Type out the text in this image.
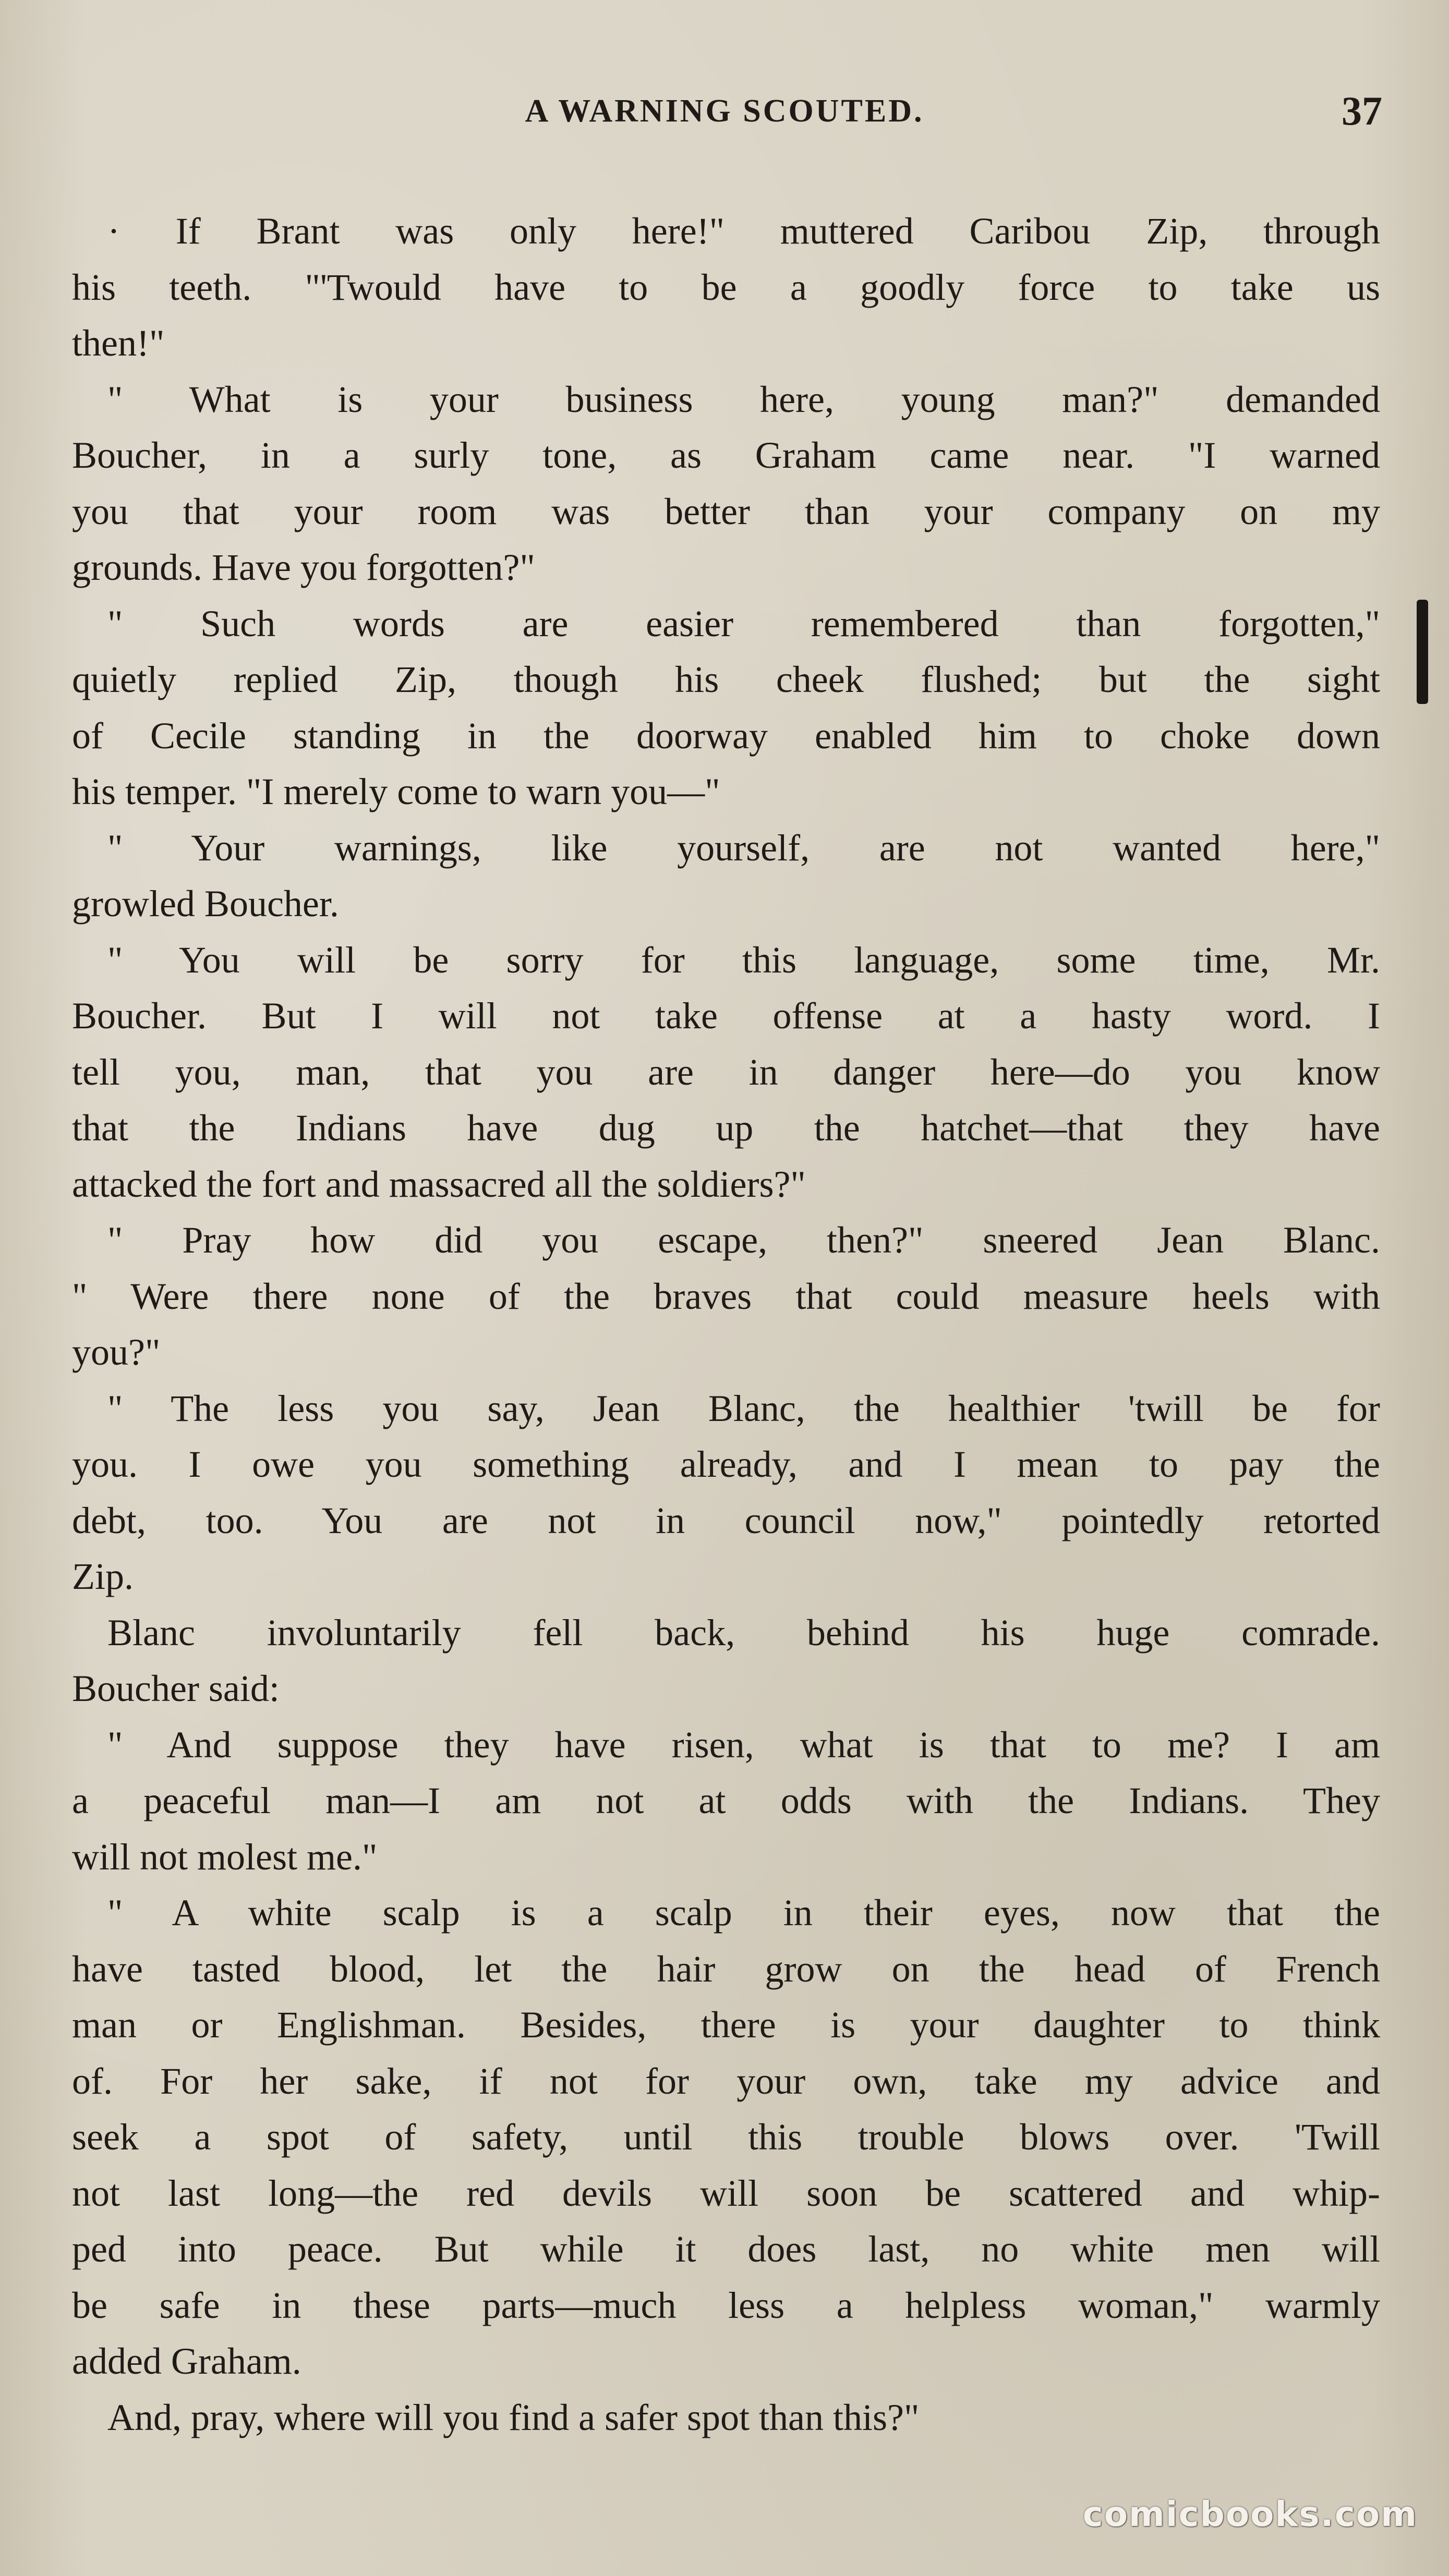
A WARNING SCOUTED.	37
· If Brant was only here!" muttered Caribou Zip, through
his teeth. "'Twould have to be a goodly force to take us
then!"
" What is your business here, young man?" demanded
Boucher, in a surly tone, as Graham came near. "I warned
you that your room was better than your company on my
grounds. Have you forgotten?"
" Such words are easier remembered than forgotten,"
quietly replied Zip, though his cheek flushed; but the sight
of Cecile standing in the doorway enabled him to choke down
his temper. "I merely come to warn you—"
" Your warnings, like yourself, are not wanted here,"
growled Boucher.
" You will be sorry for this language, some time, Mr.
Boucher. But I will not take offense at a hasty word. I
tell you, man, that you are in danger here—do you know
that the Indians have dug up the hatchet—that they have
attacked the fort and massacred all the soldiers?"
" Pray how did you escape, then?" sneered Jean Blanc.
" Were there none of the braves that could measure heels with
you?"
" The less you say, Jean Blanc, the healthier 'twill be for
you. I owe you something already, and I mean to pay the
debt, too. You are not in council now," pointedly retorted
Zip.
Blanc involuntarily fell back, behind his huge comrade.
Boucher said:
" And suppose they have risen, what is that to me? I am
a peaceful man—I am not at odds with the Indians. They
will not molest me."
" A white scalp is a scalp in their eyes, now that the
have tasted blood, let the hair grow on the head of French
man or Englishman. Besides, there is your daughter to think
of. For her sake, if not for your own, take my advice and
seek a spot of safety, until this trouble blows over. 'Twill
not last long—the red devils will soon be scattered and whip-
ped into peace. But while it does last, no white men will
be safe in these parts—much less a helpless woman," warmly
added Graham.
And, pray, where will you find a safer spot than this?"
comicbooks.com
